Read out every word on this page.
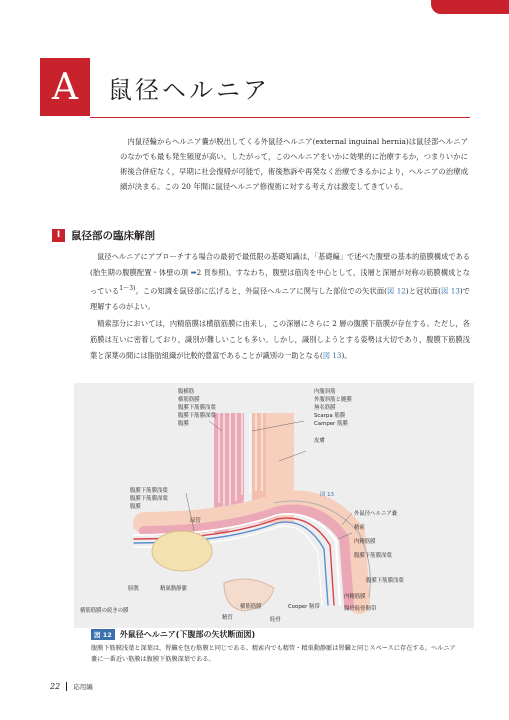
A	鼠径ヘルニア

内鼠径輪からヘルニア嚢が脱出してくる外鼠径ヘルニア(external inguinal hernia)は鼠径部ヘルニアのなかでも最も発生頻度が高い。したがって，このヘルニアをいかに効果的に治療するか，つまりいかに術後合併症なく，早期に社会復帰が可能で，術後愁訴や再発なく治療できるかにより，ヘルニアの治療成績が決まる。この 20 年間に鼠径ヘルニア修復術に対する考え方は激変してきている。

I	鼠径部の臨床解剖

鼠径ヘルニアにアプローチする場合の最初で最低限の基礎知識は，「基礎編」で述べた腹壁の基本的筋膜構成である(胎生期の腹膜配置・体壁の項 ➡2 頁参照)。すなわち，腹壁は筋肉を中心として，浅層と深層が対称の筋膜構成となっている$^{1〜3)}$。この知識を鼠径部に広げると，外鼠径ヘルニアに関与した部位での矢状面(図 12)と冠状面(図 13)で理解するのがよい。

精索部分においては，内精筋膜は横筋筋膜に由来し，この深層にさらに 2 層の腹膜下筋膜が存在する。ただし，各筋膜は互いに密着しており，識別が難しいことも多い。しかし，識別しようとする姿勢は大切であり，腹膜下筋膜浅葉と深葉の間には脂肪組織が比較的豊富であることが識別の一助となる(図 13)。

腹横筋
横筋筋膜
腹膜下筋膜浅葉
腹膜下筋膜深葉
腹膜
内腹斜筋
外腹斜筋と腱膜
無名筋膜
Scarpa 筋膜
Camper 筋膜
皮膚
図 13
腹膜下筋膜浅葉
腹膜下筋膜深葉
腹膜
尿管
外鼠径ヘルニア嚢
精索
内精筋膜
腹膜下筋膜深葉
腹膜下筋膜浅葉
内精筋膜
腸骨恥骨靭帯
膀胱	精巣動静脈
横筋筋膜の続きの膜
横筋筋膜	Cooper 靭帯
精管	恥骨
図 12	外鼠径ヘルニア(下腹部の矢状断面図)

腹膜下筋膜浅葉と深葉は，腎臓を包む筋膜と同じである。精索内でも精管・精巣動静脈は腎臓と同じスペースに存在する。ヘルニア嚢に一番近い筋膜は腹膜下筋膜深葉である。

22 応用編
